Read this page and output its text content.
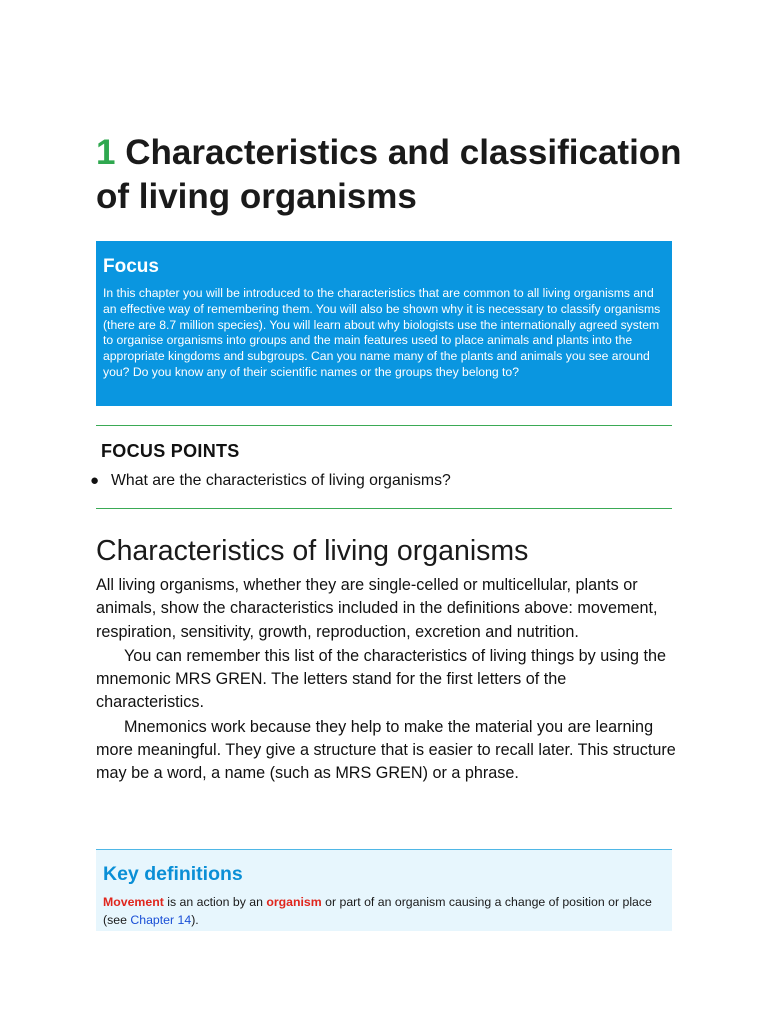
1 Characteristics and classification of living organisms

Focus

In this chapter you will be introduced to the characteristics that are common to all living organisms and an effective way of remembering them. You will also be shown why it is necessary to classify organisms (there are 8.7 million species). You will learn about why biologists use the internationally agreed system to organise organisms into groups and the main features used to place animals and plants into the appropriate kingdoms and subgroups. Can you name many of the plants and animals you see around you? Do you know any of their scientific names or the groups they belong to?

FOCUS POINTS
● What are the characteristics of living organisms?
Characteristics of living organisms

All living organisms, whether they are single-celled or multicellular, plants or animals, show the characteristics included in the definitions above: movement, respiration, sensitivity, growth, reproduction, excretion and nutrition.

You can remember this list of the characteristics of living things by using the mnemonic MRS GREN. The letters stand for the first letters of the characteristics.

Mnemonics work because they help to make the material you are learning more meaningful. They give a structure that is easier to recall later. This structure may be a word, a name (such as MRS GREN) or a phrase.

Key definitions

Movement is an action by an organism or part of an organism causing a change of position or place (see Chapter 14).
